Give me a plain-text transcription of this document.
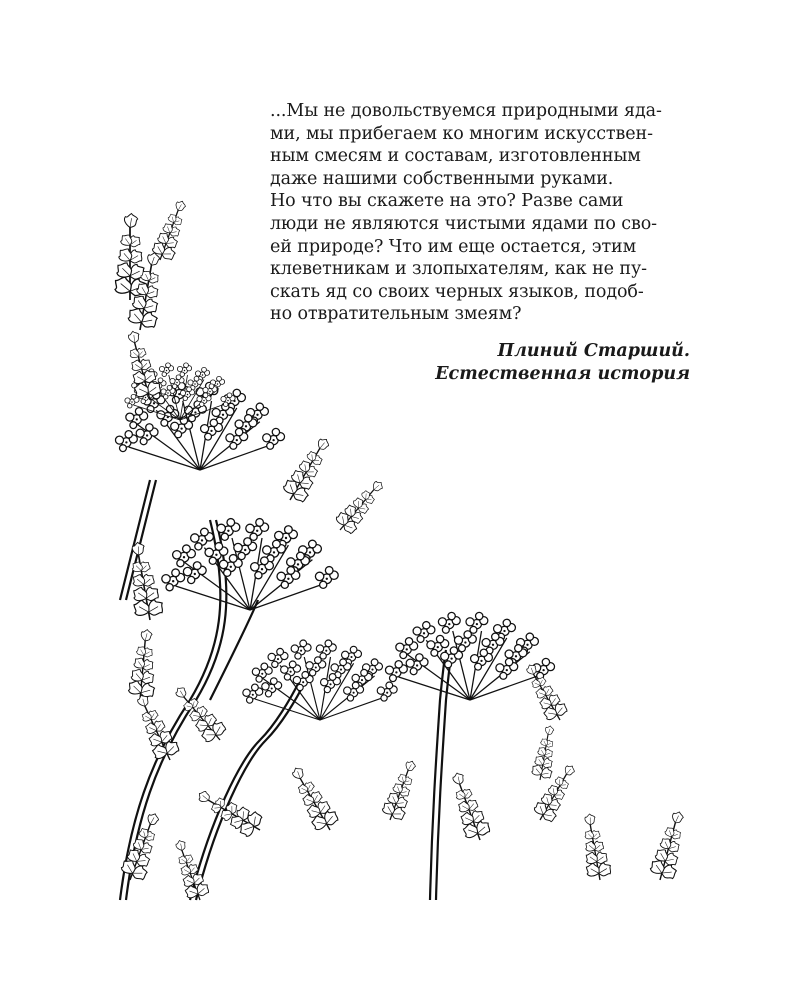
...Мы не довольствуемся природными яда-
ми, мы прибегаем ко многим искусствен-
ным смесям и составам, изготовленным
даже нашими собственными руками.
Но что вы скажете на это? Разве сами
люди не являются чистыми ядами по сво-
ей природе? Что им еще остается, этим
клеветникам и злопыхателям, как не пу-
скать яд со своих черных языков, подоб-
но отвратительным змеям?
Плиний Старший.
Естественная история
